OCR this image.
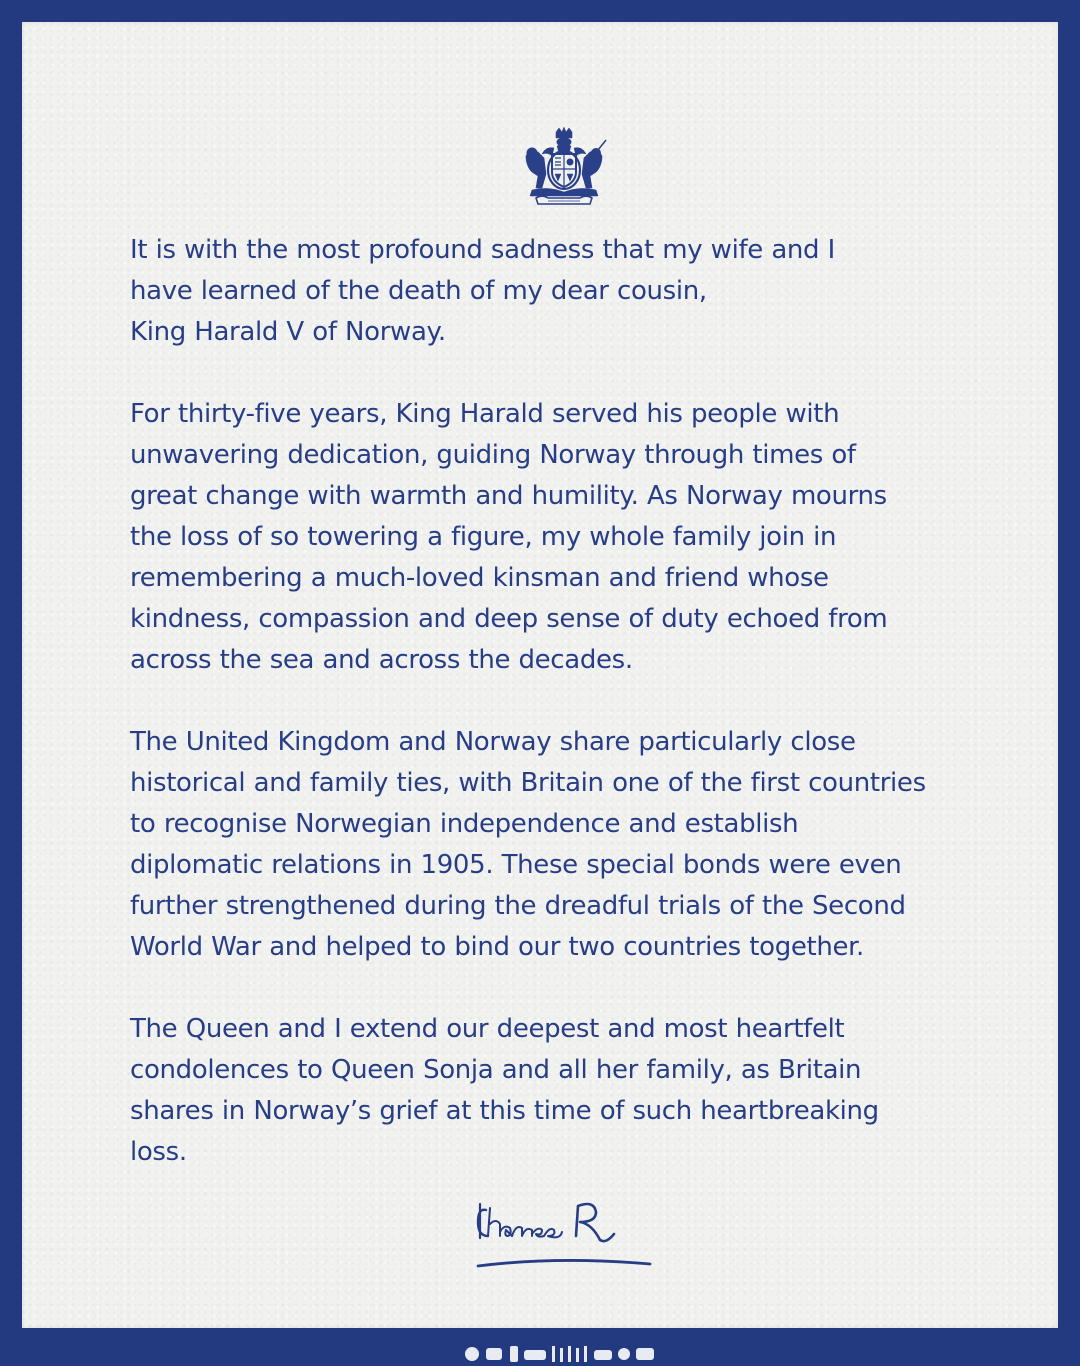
It is with the most profound sadness that my wife and I
have learned of the death of my dear cousin,
King Harald V of Norway.

For thirty-five years, King Harald served his people with
unwavering dedication, guiding Norway through times of
great change with warmth and humility. As Norway mourns
the loss of so towering a figure, my whole family join in
remembering a much-loved kinsman and friend whose
kindness, compassion and deep sense of duty echoed from
across the sea and across the decades.

The United Kingdom and Norway share particularly close
historical and family ties, with Britain one of the first countries
to recognise Norwegian independence and establish
diplomatic relations in 1905. These special bonds were even
further strengthened during the dreadful trials of the Second
World War and helped to bind our two countries together.

The Queen and I extend our deepest and most heartfelt
condolences to Queen Sonja and all her family, as Britain
shares in Norway’s grief at this time of such heartbreaking
loss.
